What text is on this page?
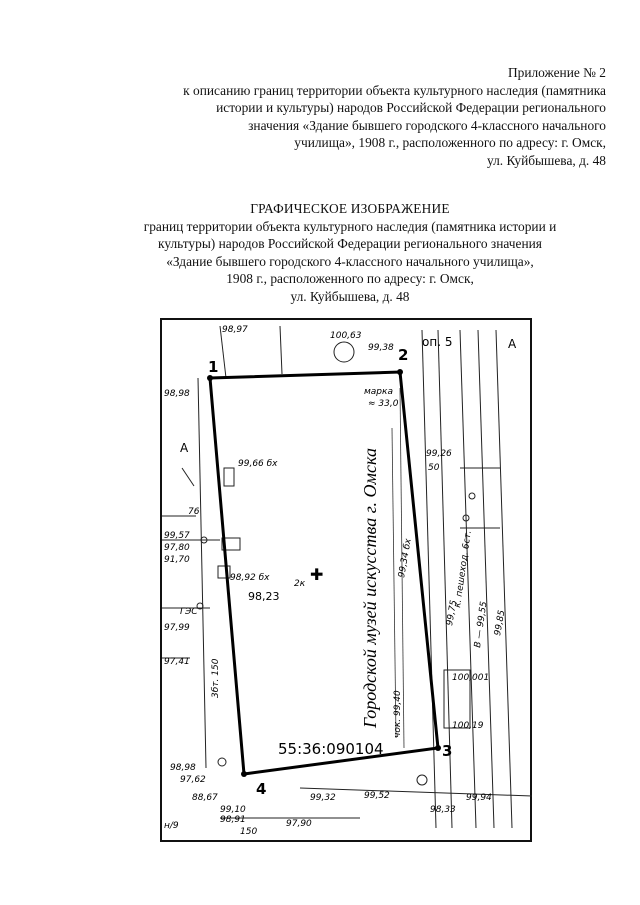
Приложение № 2
к описанию границ территории объекта культурного наследия (памятника
истории и культуры) народов Российской Федерации регионального
значения «Здание бывшего городского 4-классного начального
училища», 1908 г., расположенного по адресу: г. Омск,
ул. Куйбышева, д. 48
ГРАФИЧЕСКОЕ ИЗОБРАЖЕНИЕ
границ территории объекта культурного наследия (памятника истории и
культуры) народов Российской Федерации регионального значения
«Здание бывшего городского 4-классного начального училища»,
1908 г., расположенного по адресу: г. Омск,
ул. Куйбышева, д. 48
1
2
3
4
55:36:090104
Городской музей искусства г. Омска
✚
2к
98,97
100,63
99,38
98,98
99,66 бх
76
99,57
97,80
91,70
98,92 бх
98,23
ГЭС
97,99
97,41
98,98
97,62
88,67
99,10
98,91
н/9
150
97,90
99,32	99,52
99,26
50
99,34 бх
99,75	99,85
100,001
100,19
99,94
98,33
марка
≈ 33,0
оп. 5	А
А
3бт. 150
чок. 99,40
к. пешеход. 6ст.
В — 99,55
